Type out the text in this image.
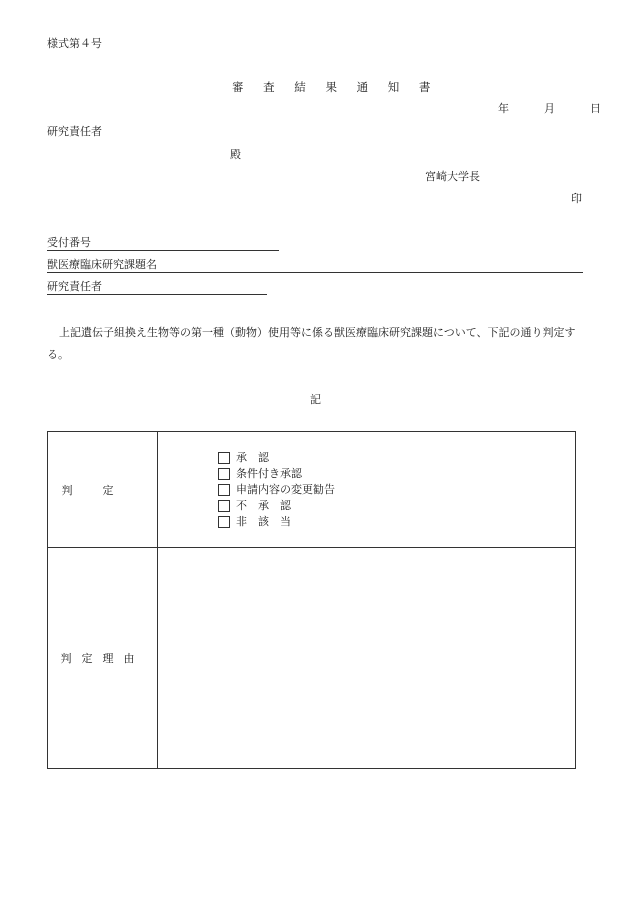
様式第４号
審 査 結 果 通 知 書
年	月	日
研究責任者
殿
宮崎大学長
印
受付番号
獣医療臨床研究課題名
研究責任者
上記遺伝子組換え生物等の第一種（動物）使用等に係る獣医療臨床研究課題について、下記の通り判定する。
記
判定	承　認
条件付き承認
申請内容の変更勧告
不　承　認
非　該　当

判定理由	
